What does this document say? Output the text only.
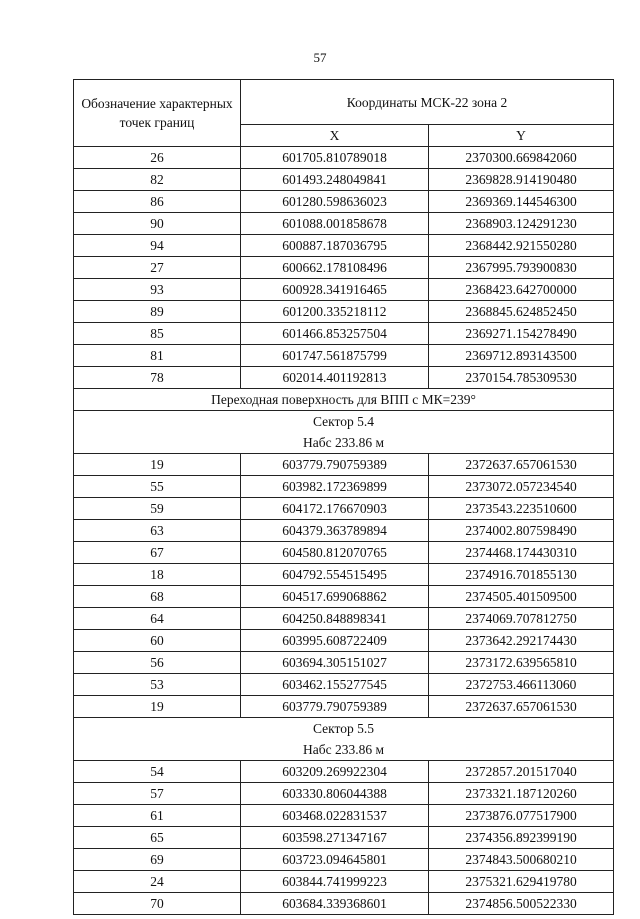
57
Обозначение характерных точек границ	Координаты МСК-22 зона 2	
	X	Y
26	601705.810789018	2370300.669842060
82	601493.248049841	2369828.914190480
86	601280.598636023	2369369.144546300
90	601088.001858678	2368903.124291230
94	600887.187036795	2368442.921550280
27	600662.178108496	2367995.793900830
93	600928.341916465	2368423.642700000
89	601200.335218112	2368845.624852450
85	601466.853257504	2369271.154278490
81	601747.561875799	2369712.893143500
78	602014.401192813	2370154.785309530
Переходная поверхность для ВПП с МК=239°		
Сектор 5.4		
Набс 233.86 м		
19	603779.790759389	2372637.657061530
55	603982.172369899	2373072.057234540
59	604172.176670903	2373543.223510600
63	604379.363789894	2374002.807598490
67	604580.812070765	2374468.174430310
18	604792.554515495	2374916.701855130
68	604517.699068862	2374505.401509500
64	604250.848898341	2374069.707812750
60	603995.608722409	2373642.292174430
56	603694.305151027	2373172.639565810
53	603462.155277545	2372753.466113060
19	603779.790759389	2372637.657061530
Сектор 5.5		
Набс 233.86 м		
54	603209.269922304	2372857.201517040
57	603330.806044388	2373321.187120260
61	603468.022831537	2373876.077517900
65	603598.271347167	2374356.892399190
69	603723.094645801	2374843.500680210
24	603844.741999223	2375321.629419780
70	603684.339368601	2374856.500522330
